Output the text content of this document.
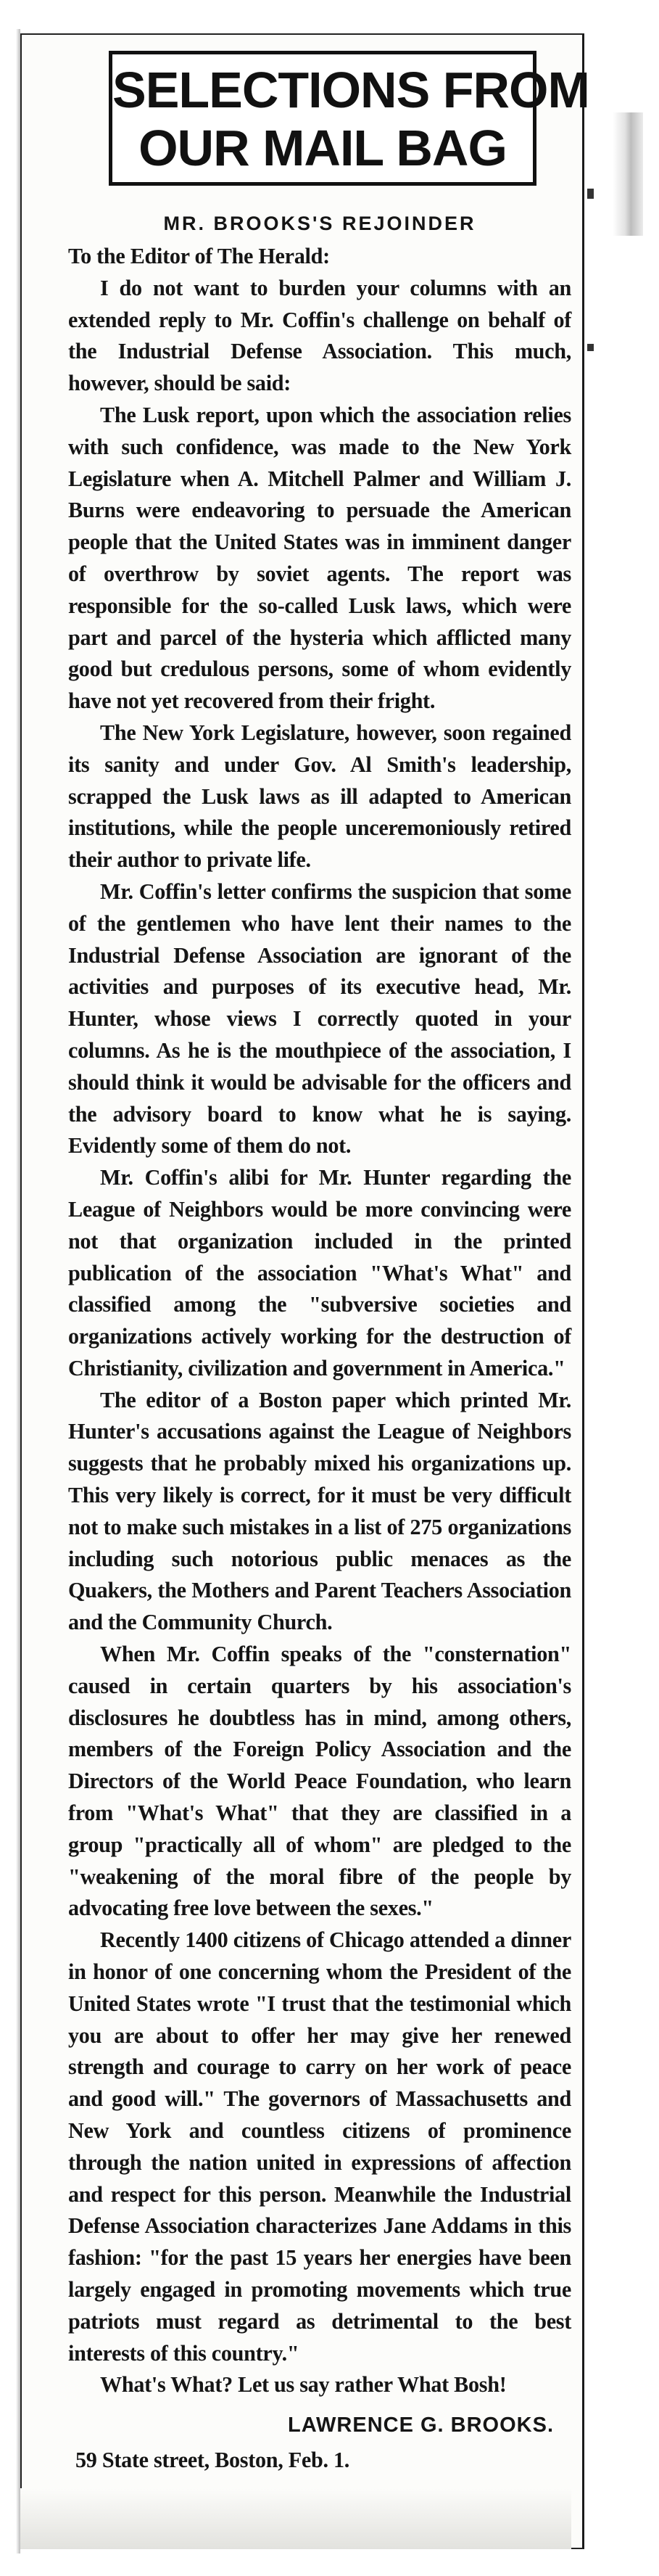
SELECTIONS FROM
OUR MAIL BAG
MR. BROOKS'S REJOINDER

To the Editor of The Herald:

I do not want to burden your columns with an extended reply to Mr. Coffin's challenge on behalf of the Industrial Defense Association. This much, however, should be said:

The Lusk report, upon which the association relies with such confidence, was made to the New York Legislature when A. Mitchell Palmer and William J. Burns were endeavoring to persuade the American people that the United States was in imminent danger of overthrow by soviet agents. The report was responsible for the so-called Lusk laws, which were part and parcel of the hysteria which afflicted many good but credulous persons, some of whom evidently have not yet recovered from their fright.

The New York Legislature, however, soon regained its sanity and under Gov. Al Smith's leadership, scrapped the Lusk laws as ill adapted to American institutions, while the people unceremoniously retired their author to private life.

Mr. Coffin's letter confirms the suspicion that some of the gentlemen who have lent their names to the Industrial Defense Association are ignorant of the activities and purposes of its executive head, Mr. Hunter, whose views I correctly quoted in your columns. As he is the mouthpiece of the association, I should think it would be advisable for the officers and the advisory board to know what he is saying. Evidently some of them do not.

Mr. Coffin's alibi for Mr. Hunter regarding the League of Neighbors would be more convincing were not that organization included in the printed publication of the association "What's What" and classified among the "subversive societies and organizations actively working for the destruction of Christianity, civilization and government in America."

The editor of a Boston paper which printed Mr. Hunter's accusations against the League of Neighbors suggests that he probably mixed his organizations up. This very likely is correct, for it must be very difficult not to make such mistakes in a list of 275 organizations including such notorious public menaces as the Quakers, the Mothers and Parent Teachers Association and the Community Church.

When Mr. Coffin speaks of the "consternation" caused in certain quarters by his association's disclosures he doubtless has in mind, among others, members of the Foreign Policy Association and the Directors of the World Peace Foundation, who learn from "What's What" that they are classified in a group "practically all of whom" are pledged to the "weakening of the moral fibre of the people by advocating free love between the sexes."

Recently 1400 citizens of Chicago attended a dinner in honor of one concerning whom the President of the United States wrote "I trust that the testimonial which you are about to offer her may give her renewed strength and courage to carry on her work of peace and good will." The governors of Massachusetts and New York and countless citizens of prominence through the nation united in expressions of affection and respect for this person. Meanwhile the Industrial Defense Association characterizes Jane Addams in this fashion: "for the past 15 years her energies have been largely engaged in promoting movements which true patriots must regard as detrimental to the best interests of this country."

What's What? Let us say rather What Bosh!

LAWRENCE G. BROOKS.
59 State street, Boston, Feb. 1.
